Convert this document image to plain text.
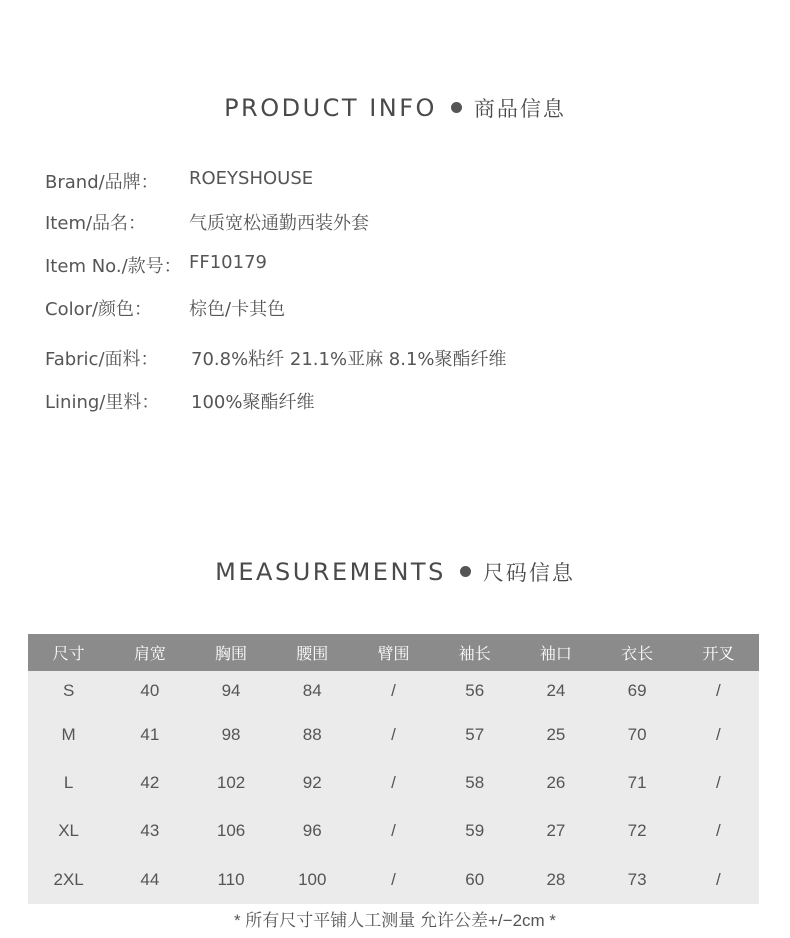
PRODUCT INFO 商品信息
Brand/品牌： ROEYSHOUSE
Item/品名： 气质宽松通勤西装外套
Item No./款号： FF10179
Color/颜色： 棕色/卡其色
Fabric/面料： 70.8%粘纤 21.1%亚麻 8.1%聚酯纤维
Lining/里料： 100%聚酯纤维
MEASUREMENTS 尺码信息
尺寸	肩宽	胸围	腰围	臂围	袖长	袖口	衣长	开叉
S	40	94	84	/	56	24	69	/
M	41	98	88	/	57	25	70	/
L	42	102	92	/	58	26	71	/
XL	43	106	96	/	59	27	72	/
2XL	44	110	100	/	60	28	73	/
* 所有尺寸平铺人工测量 允许公差+/−2cm *
